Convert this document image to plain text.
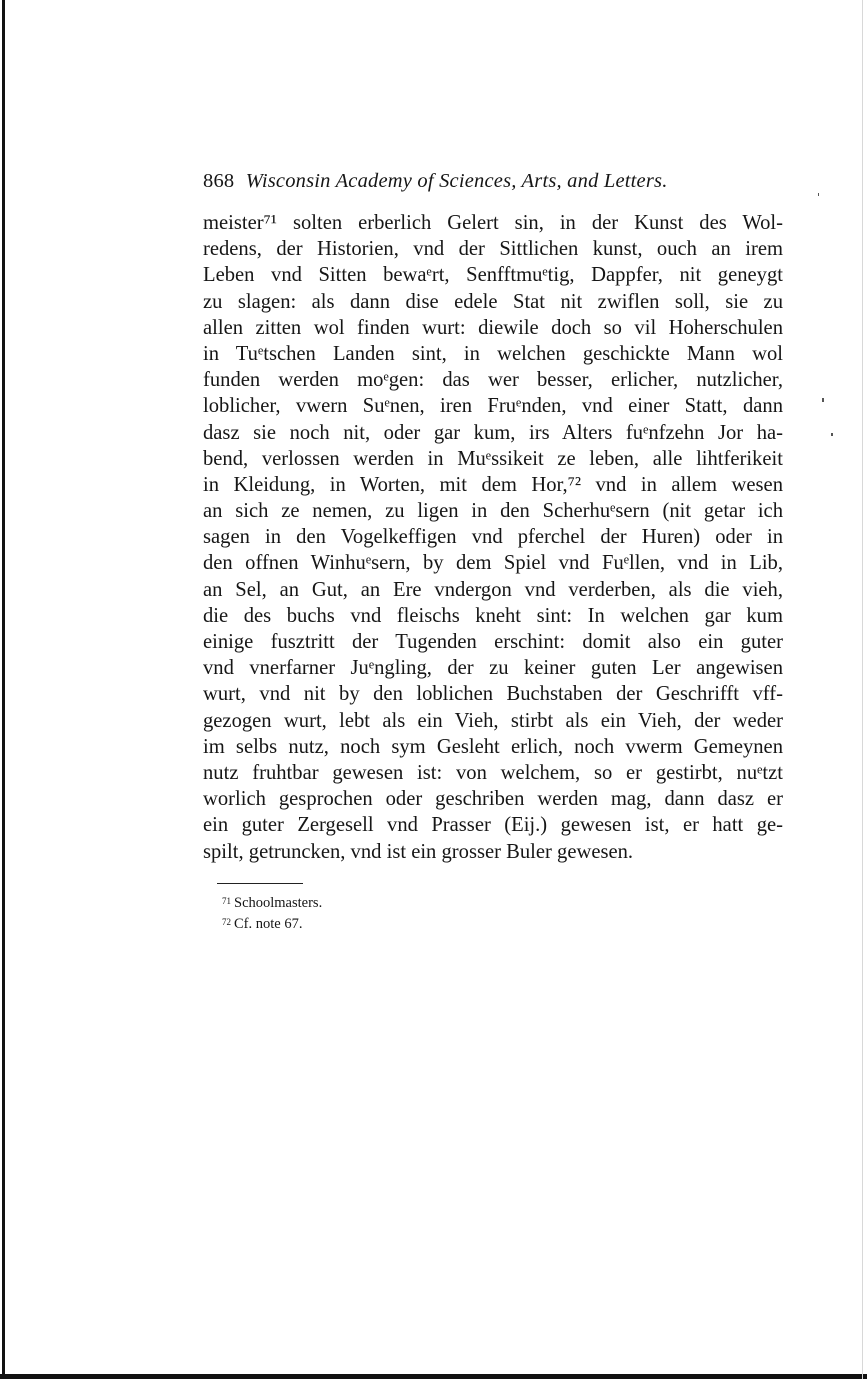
868 Wisconsin Academy of Sciences, Arts, and Letters.
meister⁷¹ solten erberlich Gelert sin, in der Kunst des Wol-
redens, der Historien, vnd der Sittlichen kunst, ouch an irem
Leben vnd Sitten bewaᵉrt, Senfftmuᵉtig, Dappfer, nit geneygt
zu slagen: als dann dise edele Stat nit zwiflen soll, sie zu
allen zitten wol finden wurt: diewile doch so vil Hoherschulen
in Tuᵉtschen Landen sint, in welchen geschickte Mann wol
funden werden moᵉgen: das wer besser, erlicher, nutzlicher,
loblicher, vwern Suᵉnen, iren Fruᵉnden, vnd einer Statt, dann
dasz sie noch nit, oder gar kum, irs Alters fuᵉnfzehn Jor ha-
bend, verlossen werden in Muᵉssikeit ze leben, alle lihtferikeit
in Kleidung, in Worten, mit dem Hor,⁷² vnd in allem wesen
an sich ze nemen, zu ligen in den Scherhuᵉsern (nit getar ich
sagen in den Vogelkeffigen vnd pferchel der Huren) oder in
den offnen Winhuᵉsern, by dem Spiel vnd Fuᵉllen, vnd in Lib,
an Sel, an Gut, an Ere vndergon vnd verderben, als die vieh,
die des buchs vnd fleischs kneht sint: In welchen gar kum
einige fusztritt der Tugenden erschint: domit also ein guter
vnd vnerfarner Juᵉngling, der zu keiner guten Ler angewisen
wurt, vnd nit by den loblichen Buchstaben der Geschrifft vff-
gezogen wurt, lebt als ein Vieh, stirbt als ein Vieh, der weder
im selbs nutz, noch sym Gesleht erlich, noch vwerm Gemeynen
nutz fruhtbar gewesen ist: von welchem, so er gestirbt, nuᵉtzt
worlich gesprochen oder geschriben werden mag, dann dasz er
ein guter Zergesell vnd Prasser (Eij.) gewesen ist, er hatt ge-
spilt, getruncken, vnd ist ein grosser Buler gewesen.
$^{71}$ Schoolmasters.
$^{72}$ Cf. note 67.
